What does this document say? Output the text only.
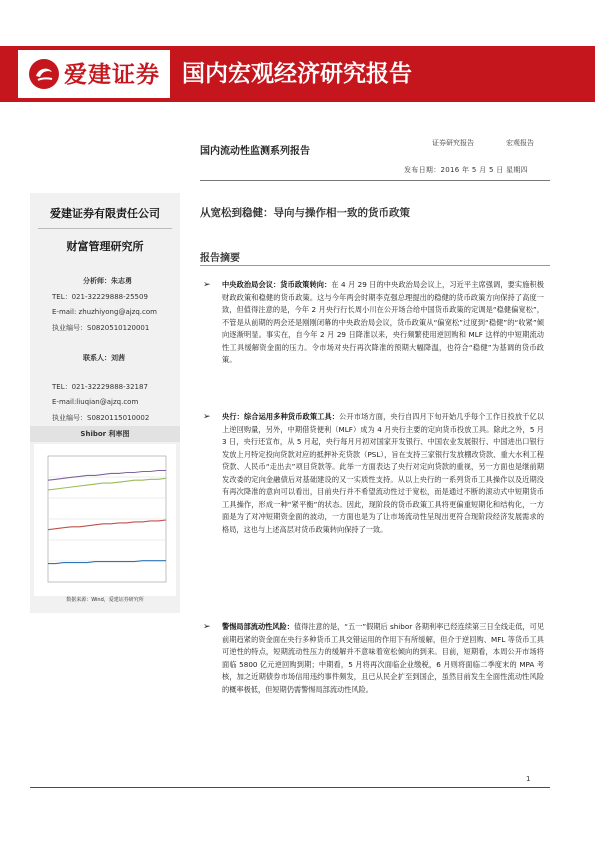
爱建证券 国内宏观经济研究报告
国内流动性监测系列报告
证券研究报告	宏观报告
发布日期：2016 年 5 月 5 日 星期四
爱建证券有限责任公司
财富管理研究所
分析师：朱志勇
TEL：021-32229888-25509
E-mail: zhuzhiyong@ajzq.com
执业编号：S0820510120001
联系人：刘茜
TEL：021-32229888-32187
E-mail:liuqian@ajzq.com
执业编号：S0820115010002
Shibor 利率图
数据来源：Wind，爱建证券研究所
从宽松到稳健：导向与操作相一致的货币政策
报告摘要
➢ 中央政治局会议：货币政策转向：在 4 月 29 日的中央政治局会议上，习近平主席强调，要实施积极财政政策和稳健的货币政策。这与今年两会时期李克强总理提出的稳健的货币政策方向保持了高度一致，但值得注意的是，今年 2 月央行行长周小川在公开场合给中国货币政策的定调是“稳健偏宽松”，不管是从前期的两会还是刚刚闭幕的中央政治局会议，货币政策从“偏宽松”过度到“稳健”的“收紧”倾向逐渐明显。事实在，自今年 2 月 29 日降准以来，央行频繁使用逆回购和 MLF 这样的中短期流动性工具缓解资金面的压力。令市场对央行再次降准的预期大幅降温，也符合“稳健”为基调的货币政策。
➢ 央行：综合运用多种货币政策工具：公开市场方面，央行自四月下旬开始几乎每个工作日投放千亿以上逆回购量，另外，中期借贷便利（MLF）成为 4 月央行主要的定向货币投放工具。除此之外，5 月 3 日，央行还宣布，从 5 月起，央行每月月初对国家开发银行、中国农业发展银行、中国进出口银行发放上月特定投向贷款对应的抵押补充贷款（PSL），旨在支持三家银行发放棚改贷款、重大水利工程贷款、人民币“走出去”项目贷款等。此举一方面表达了央行对定向贷款的重视，另一方面也是继前期发改委的定向金融债后对基础建设的又一实质性支持。从以上央行的一系列货币工具操作以及近期没有再次降准的意向可以看出，目前央行并不希望流动性过于宽松，而是通过不断的滚动式中短期货币工具操作，形成一种“紧平衡”的状态。因此，现阶段的货币政策工具将更偏重短期化和结构化，一方面是为了对冲短期资金面的波动，一方面也是为了让市场流动性呈现出更符合现阶段经济发展需求的格局，这也与上述高层对货币政策转向保持了一致。
➢ 警惕局部流动性风险：值得注意的是，“五一”假期后 shibor 各期利率已经连续第三日全线走低，可见前期趋紧的资金面在央行多种货币工具交错运用的作用下有所缓解，但介于逆回购、MFL 等货币工具可逆性的特点，短期流动性压力的缓解并不意味着宽松倾向的到来。目前，短期看，本周公开市场将面临 5800 亿元逆回购到期；中期看，5 月将再次面临企业缴税，6 月则将面临二季度末的 MPA 考核，加之近期债券市场信用违约事件频发，且已从民企扩至到国企，虽然目前发生全面性流动性风险的概率极低，但短期仍需警惕局部流动性风险。
1
